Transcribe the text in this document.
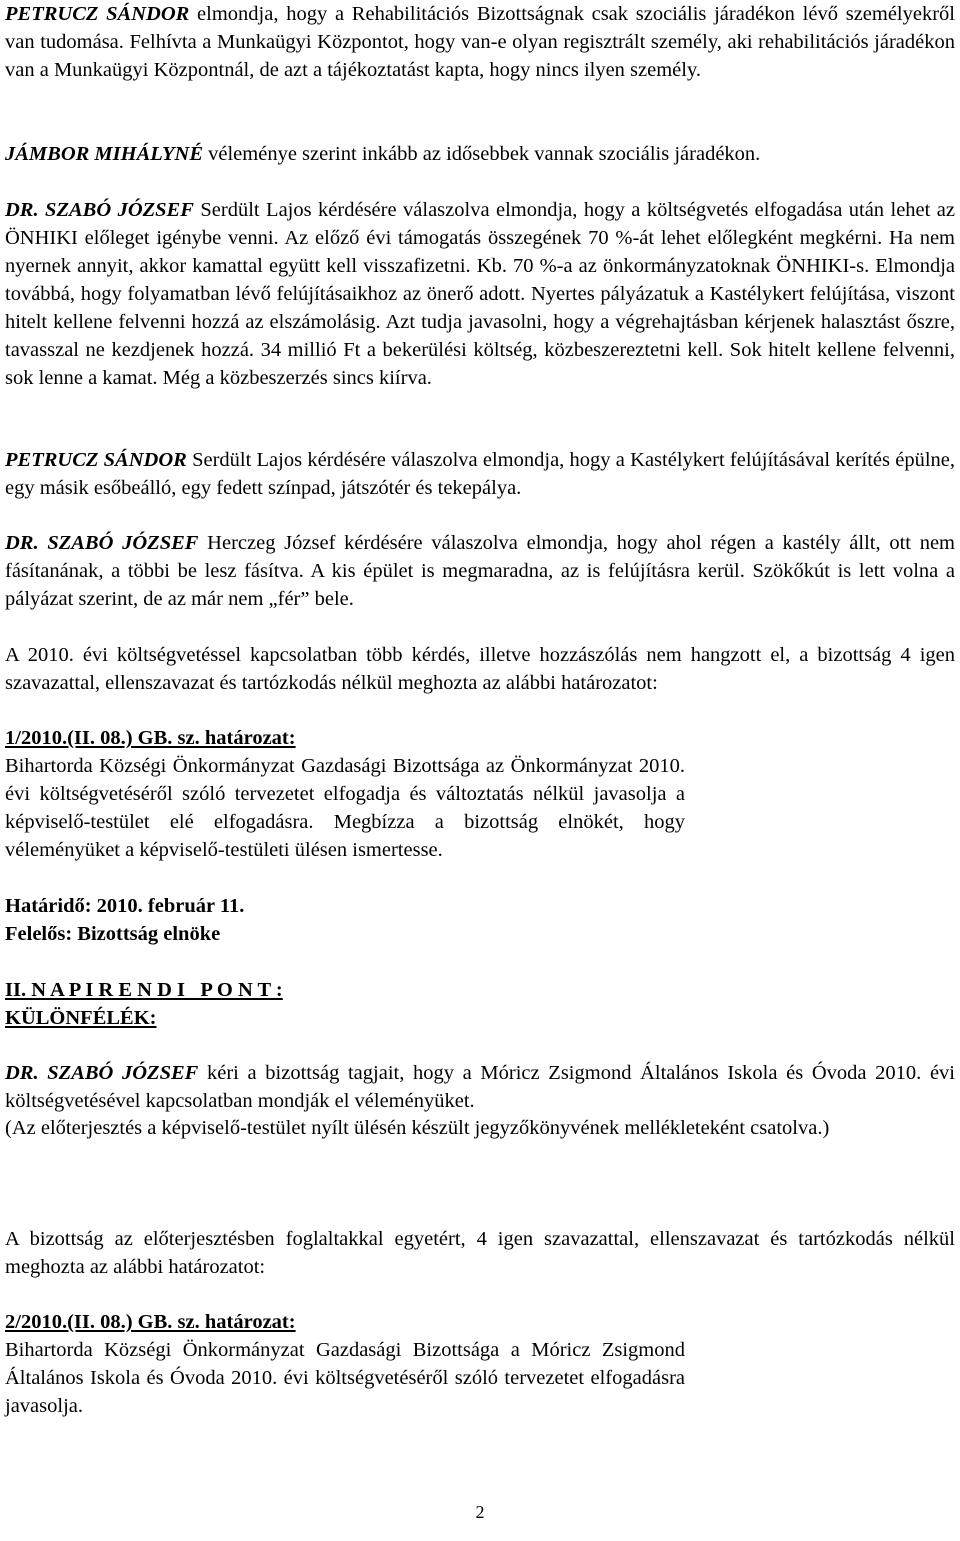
PETRUCZ SÁNDOR elmondja, hogy a Rehabilitációs Bizottságnak csak szociális járadékon lévő személyekről van tudomása. Felhívta a Munkaügyi Központot, hogy van-e olyan regisztrált személy, aki rehabilitációs járadékon van a Munkaügyi Központnál, de azt a tájékoztatást kapta, hogy nincs ilyen személy.

JÁMBOR MIHÁLYNÉ véleménye szerint inkább az idősebbek vannak szociális járadékon.

DR. SZABÓ JÓZSEF Serdült Lajos kérdésére válaszolva elmondja, hogy a költségvetés elfogadása után lehet az ÖNHIKI előleget igénybe venni. Az előző évi támogatás összegének 70 %-át lehet előlegként megkérni. Ha nem nyernek annyit, akkor kamattal együtt kell visszafizetni. Kb. 70 %-a az önkormányzatoknak ÖNHIKI-s. Elmondja továbbá, hogy folyamatban lévő felújításaikhoz az önerő adott. Nyertes pályázatuk a Kastélykert felújítása, viszont hitelt kellene felvenni hozzá az elszámolásig. Azt tudja javasolni, hogy a végrehajtásban kérjenek halasztást őszre, tavasszal ne kezdjenek hozzá. 34 millió Ft a bekerülési költség, közbeszereztetni kell. Sok hitelt kellene felvenni, sok lenne a kamat. Még a közbeszerzés sincs kiírva.

PETRUCZ SÁNDOR Serdült Lajos kérdésére válaszolva elmondja, hogy a Kastélykert felújításával kerítés épülne, egy másik esőbeálló, egy fedett színpad, játszótér és tekepálya.

DR. SZABÓ JÓZSEF Herczeg József kérdésére válaszolva elmondja, hogy ahol régen a kastély állt, ott nem fásítanának, a többi be lesz fásítva. A kis épület is megmaradna, az is felújításra kerül. Szökőkút is lett volna a pályázat szerint, de az már nem „fér” bele.

A 2010. évi költségvetéssel kapcsolatban több kérdés, illetve hozzászólás nem hangzott el, a bizottság 4 igen szavazattal, ellenszavazat és tartózkodás nélkül meghozta az alábbi határozatot:

1/2010.(II. 08.) GB. sz. határozat:

Bihartorda Községi Önkormányzat Gazdasági Bizottsága az Önkormányzat 2010. évi költségvetéséről szóló tervezetet elfogadja és változtatás nélkül javasolja a képviselő-testület elé elfogadásra. Megbízza a bizottság elnökét, hogy véleményüket a képviselő-testületi ülésen ismertesse.

Határidő: 2010. február 11.

Felelős: Bizottság elnöke

II. N A P I R E N D I   P O N T :

KÜLÖNFÉLÉK:

DR. SZABÓ JÓZSEF kéri a bizottság tagjait, hogy a Móricz Zsigmond Általános Iskola és Óvoda 2010. évi költségvetésével kapcsolatban mondják el véleményüket.

(Az előterjesztés a képviselő-testület nyílt ülésén készült jegyzőkönyvének mellékleteként csatolva.)

A bizottság az előterjesztésben foglaltakkal egyetért, 4 igen szavazattal, ellenszavazat és tartózkodás nélkül meghozta az alábbi határozatot:

2/2010.(II. 08.) GB. sz. határozat:

Bihartorda Községi Önkormányzat Gazdasági Bizottsága a Móricz Zsigmond Általános Iskola és Óvoda 2010. évi költségvetéséről szóló tervezetet elfogadásra javasolja.

2
